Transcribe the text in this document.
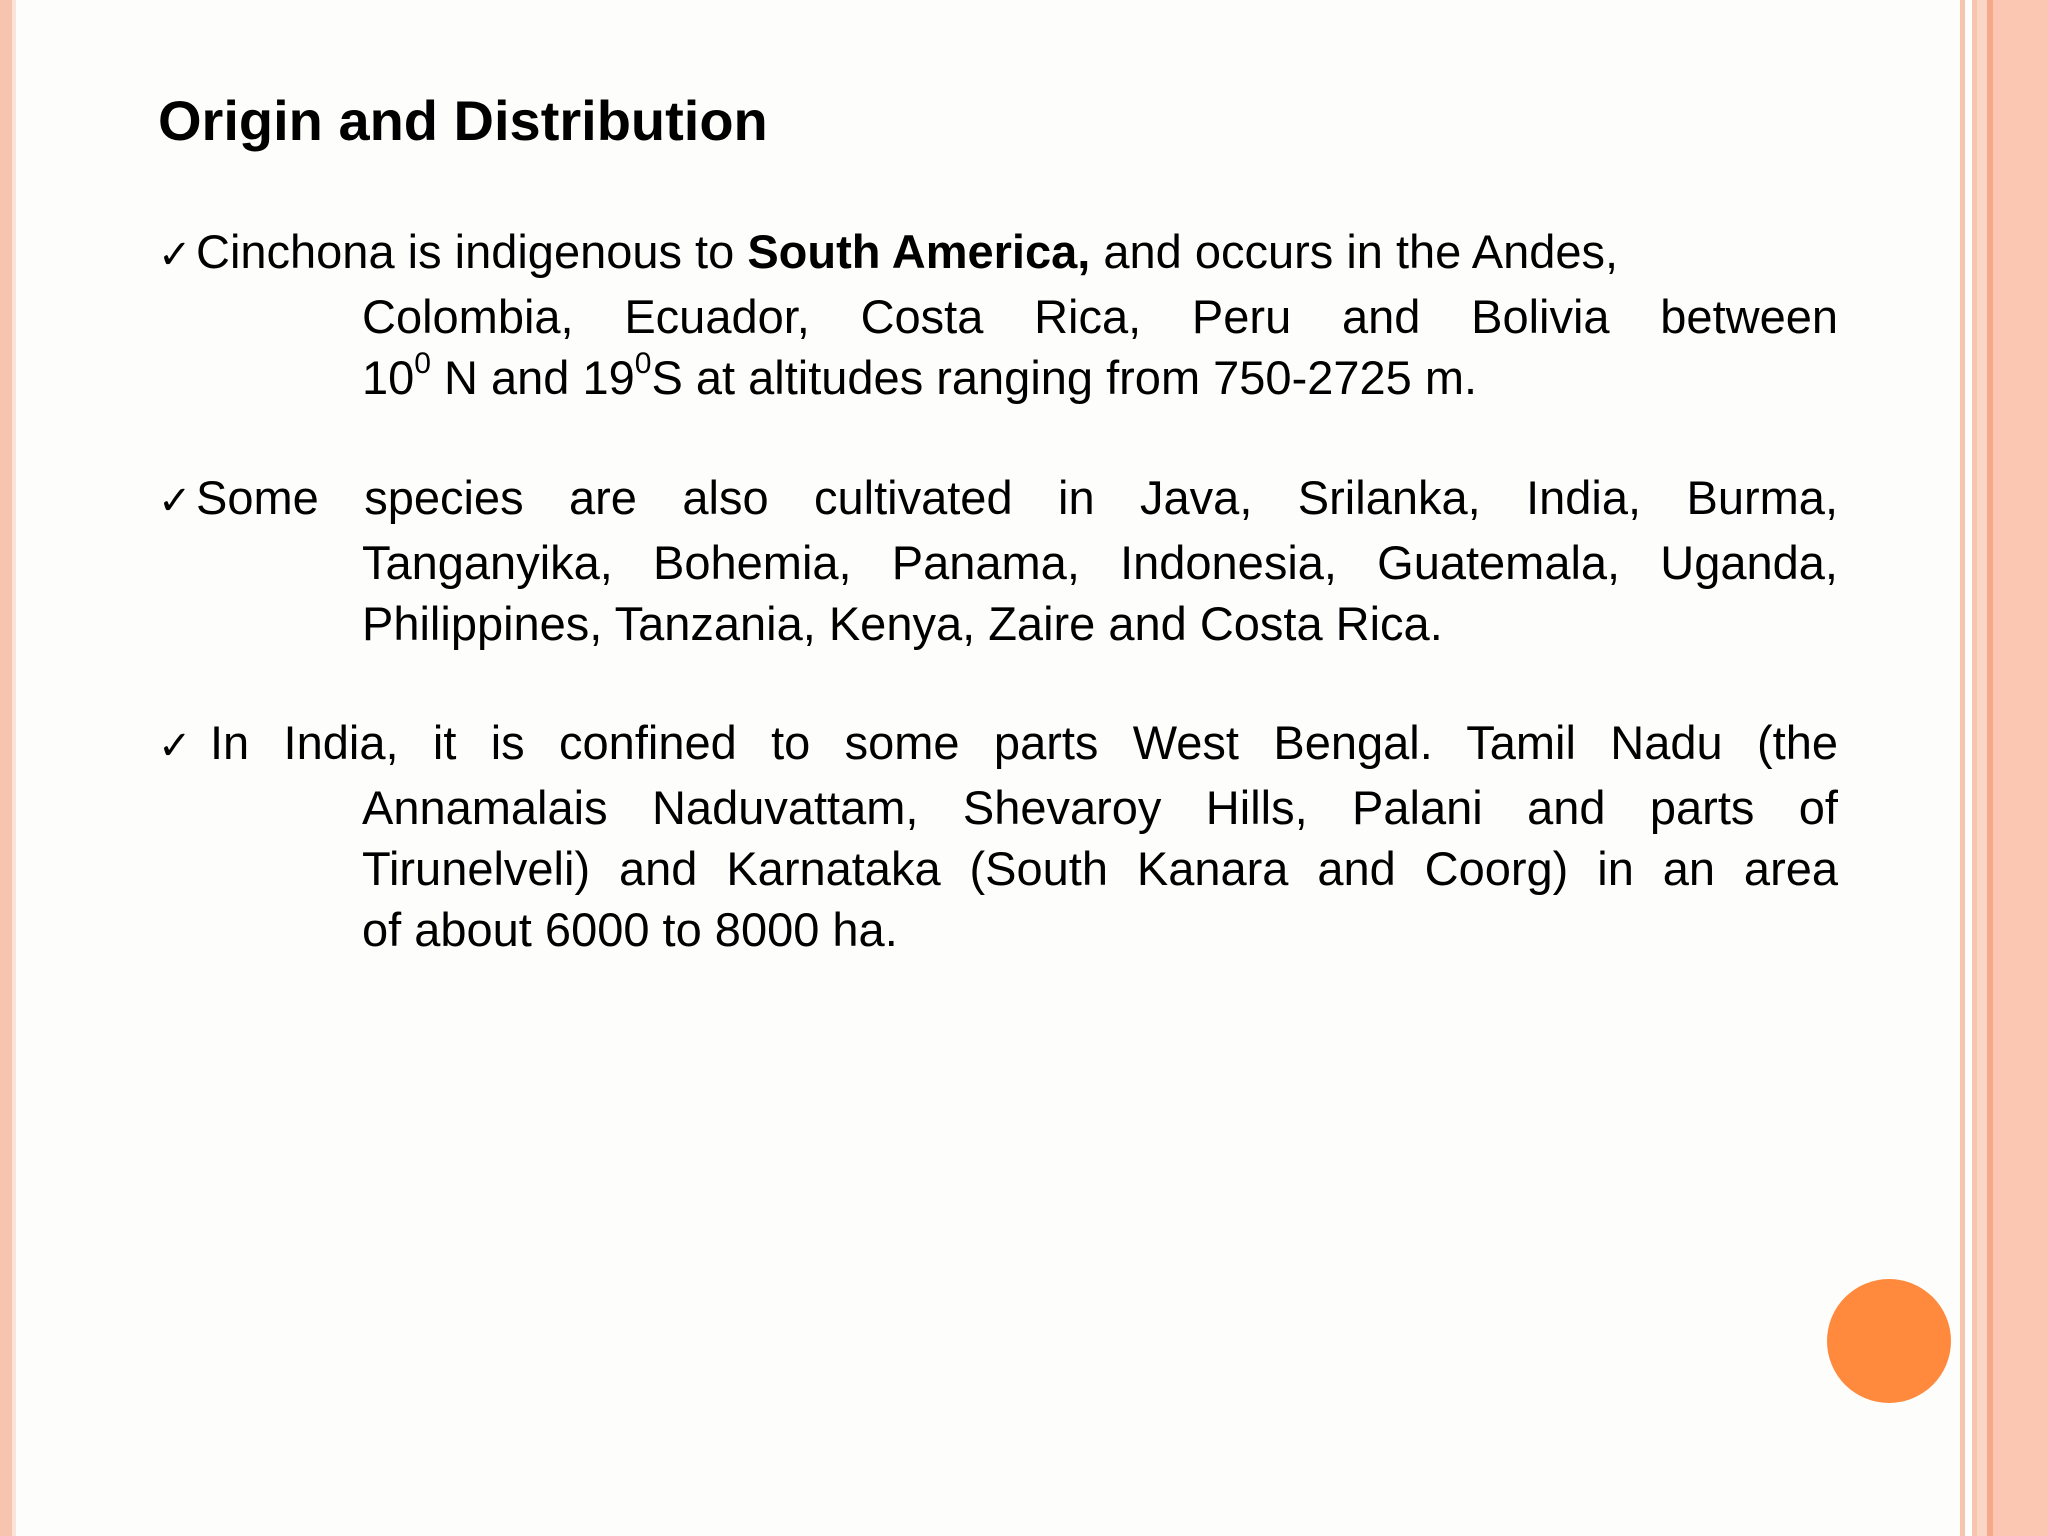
Origin and Distribution
✓Cinchona is indigenous to South America, and occurs in the Andes,
Colombia, Ecuador, Costa Rica, Peru and Bolivia between
$10^0$ N and $19^0S$ at altitudes ranging from 750-2725 m.
✓Some species are also cultivated in Java, Srilanka, India, Burma,
Tanganyika, Bohemia, Panama, Indonesia, Guatemala, Uganda,
Philippines, Tanzania, Kenya, Zaire and Costa Rica.
✓ In India, it is confined to some parts West Bengal. Tamil Nadu (the
Annamalais Naduvattam, Shevaroy Hills, Palani and parts of
Tirunelveli) and Karnataka (South Kanara and Coorg) in an area
of about 6000 to 8000 ha.
